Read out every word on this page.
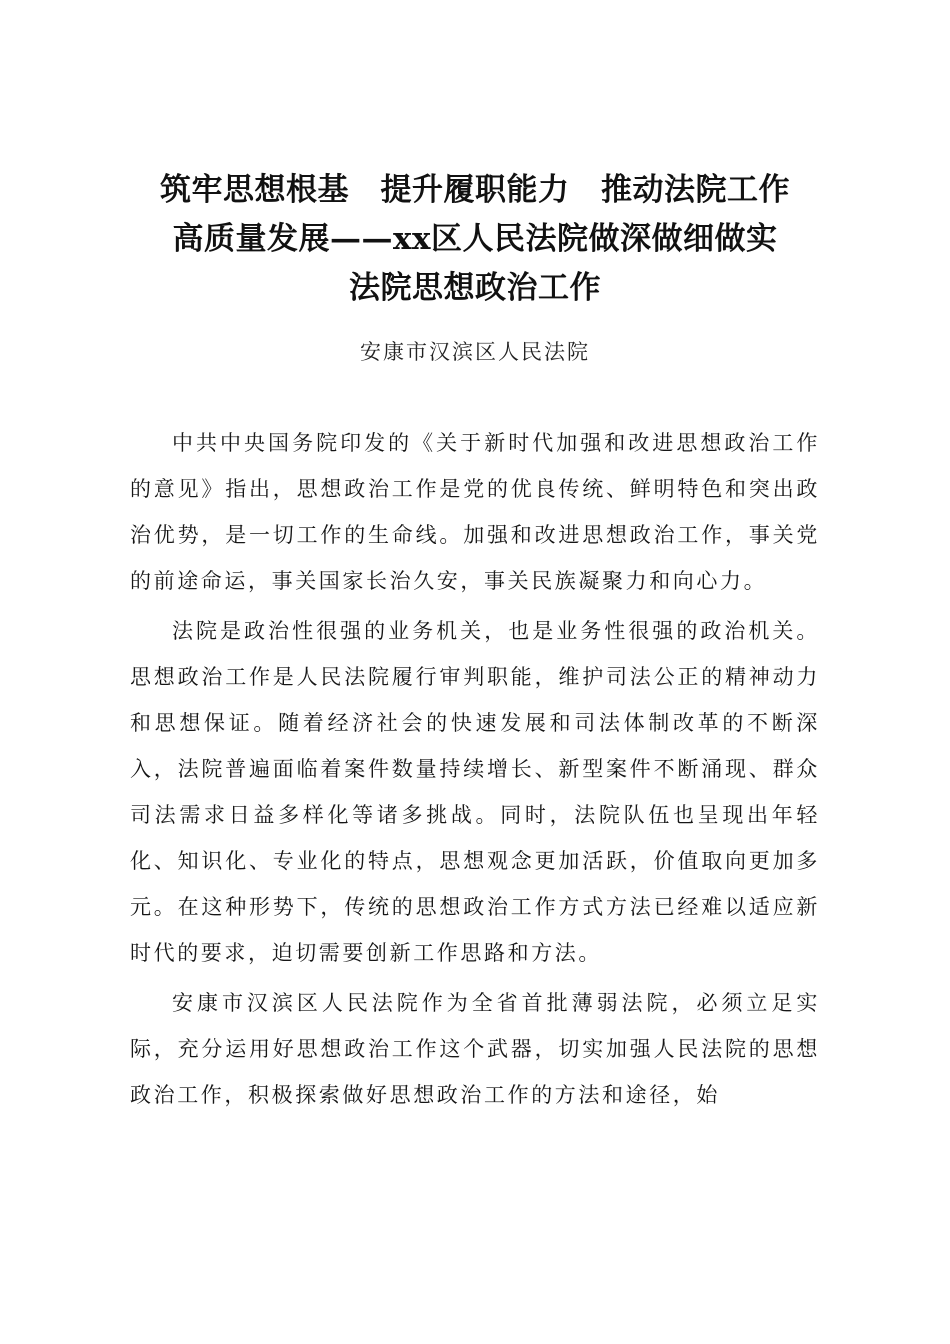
筑牢思想根基　提升履职能力　推动法院工作
高质量发展——xx区人民法院做深做细做实
法院思想政治工作
安康市汉滨区人民法院

中共中央国务院印发的《关于新时代加强和改进思想政治工作的意见》指出，思想政治工作是党的优良传统、鲜明特色和突出政治优势，是一切工作的生命线。加强和改进思想政治工作，事关党的前途命运，事关国家长治久安，事关民族凝聚力和向心力。

法院是政治性很强的业务机关，也是业务性很强的政治机关。思想政治工作是人民法院履行审判职能，维护司法公正的精神动力和思想保证。随着经济社会的快速发展和司法体制改革的不断深入，法院普遍面临着案件数量持续增长、新型案件不断涌现、群众司法需求日益多样化等诸多挑战。同时，法院队伍也呈现出年轻化、知识化、专业化的特点，思想观念更加活跃，价值取向更加多元。在这种形势下，传统的思想政治工作方式方法已经难以适应新时代的要求，迫切需要创新工作思路和方法。

安康市汉滨区人民法院作为全省首批薄弱法院，必须立足实际，充分运用好思想政治工作这个武器，切实加强人民法院的思想政治工作，积极探索做好思想政治工作的方法和途径，始
